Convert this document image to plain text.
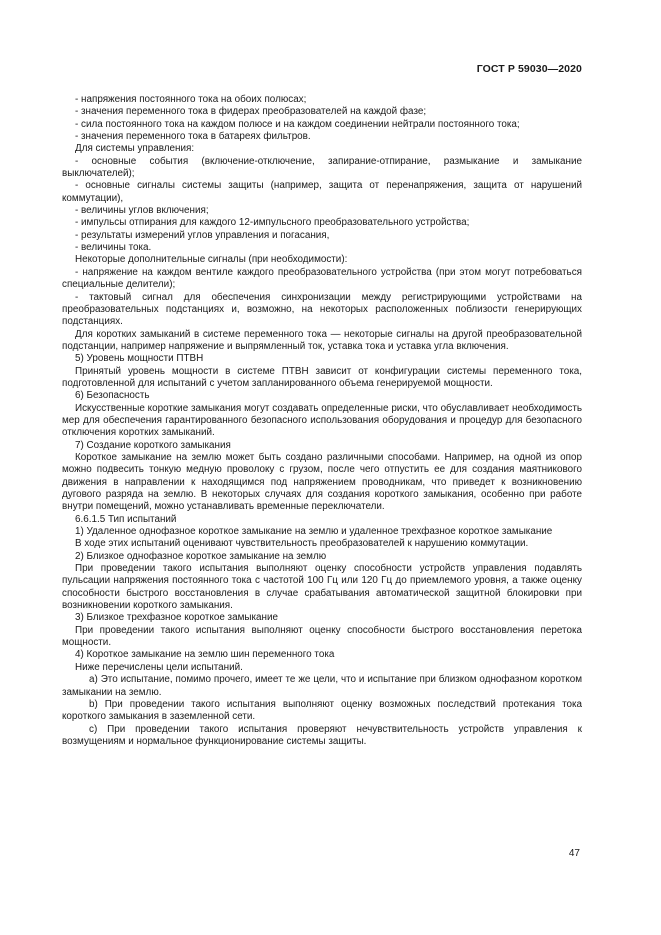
ГОСТ Р 59030—2020

- напряжения постоянного тока на обоих полюсах;

- значения переменного тока в фидерах преобразователей на каждой фазе;

- сила постоянного тока на каждом полюсе и на каждом соединении нейтрали постоянного тока;

- значения переменного тока в батареях фильтров.

Для системы управления:

- основные события (включение-отключение, запирание-отпирание, размыкание и замыкание выключателей);

- основные сигналы системы защиты (например, защита от перенапряжения, защита от нарушений коммутации),

- величины углов включения;

- импульсы отпирания для каждого 12-импульсного преобразовательного устройства;

- результаты измерений углов управления и погасания,

- величины тока.

Некоторые дополнительные сигналы (при необходимости):

- напряжение на каждом вентиле каждого преобразовательного устройства (при этом могут потребоваться специальные делители);

- тактовый сигнал для обеспечения синхронизации между регистрирующими устройствами на преобразовательных подстанциях и, возможно, на некоторых расположенных поблизости генерирующих подстанциях.

Для коротких замыканий в системе переменного тока — некоторые сигналы на другой преобразовательной подстанции, например напряжение и выпрямленный ток, уставка тока и уставка угла включения.

5) Уровень мощности ПТВН

Принятый уровень мощности в системе ПТВН зависит от конфигурации системы переменного тока, подготовленной для испытаний с учетом запланированного объема генерируемой мощности.

6) Безопасность

Искусственные короткие замыкания могут создавать определенные риски, что обуславливает необходимость мер для обеспечения гарантированного безопасного использования оборудования и процедур для безопасного отключения коротких замыканий.

7) Создание короткого замыкания

Короткое замыкание на землю может быть создано различными способами. Например, на одной из опор можно подвесить тонкую медную проволоку с грузом, после чего отпустить ее для создания маятникового движения в направлении к находящимся под напряжением проводникам, что приведет к возникновению дугового разряда на землю. В некоторых случаях для создания короткого замыкания, особенно при работе внутри помещений, можно устанавливать временные переключатели.

6.6.1.5 Тип испытаний

1) Удаленное однофазное короткое замыкание на землю и удаленное трехфазное короткое замыкание

В ходе этих испытаний оценивают чувствительность преобразователей к нарушению коммутации.

2) Близкое однофазное короткое замыкание на землю

При проведении такого испытания выполняют оценку способности устройств управления подавлять пульсации напряжения постоянного тока с частотой 100 Гц или 120 Гц до приемлемого уровня, а также оценку способности быстрого восстановления в случае срабатывания автоматической защитной блокировки при возникновении короткого замыкания.

3) Близкое трехфазное короткое замыкание

При проведении такого испытания выполняют оценку способности быстрого восстановления перетока мощности.

4) Короткое замыкание на землю шин переменного тока

Ниже перечислены цели испытаний.

а) Это испытание, помимо прочего, имеет те же цели, что и испытание при близком однофазном коротком замыкании на землю.

b) При проведении такого испытания выполняют оценку возможных последствий протекания тока короткого замыкания в заземленной сети.

с) При проведении такого испытания проверяют нечувствительность устройств управления к возмущениям и нормальное функционирование системы защиты.

47
